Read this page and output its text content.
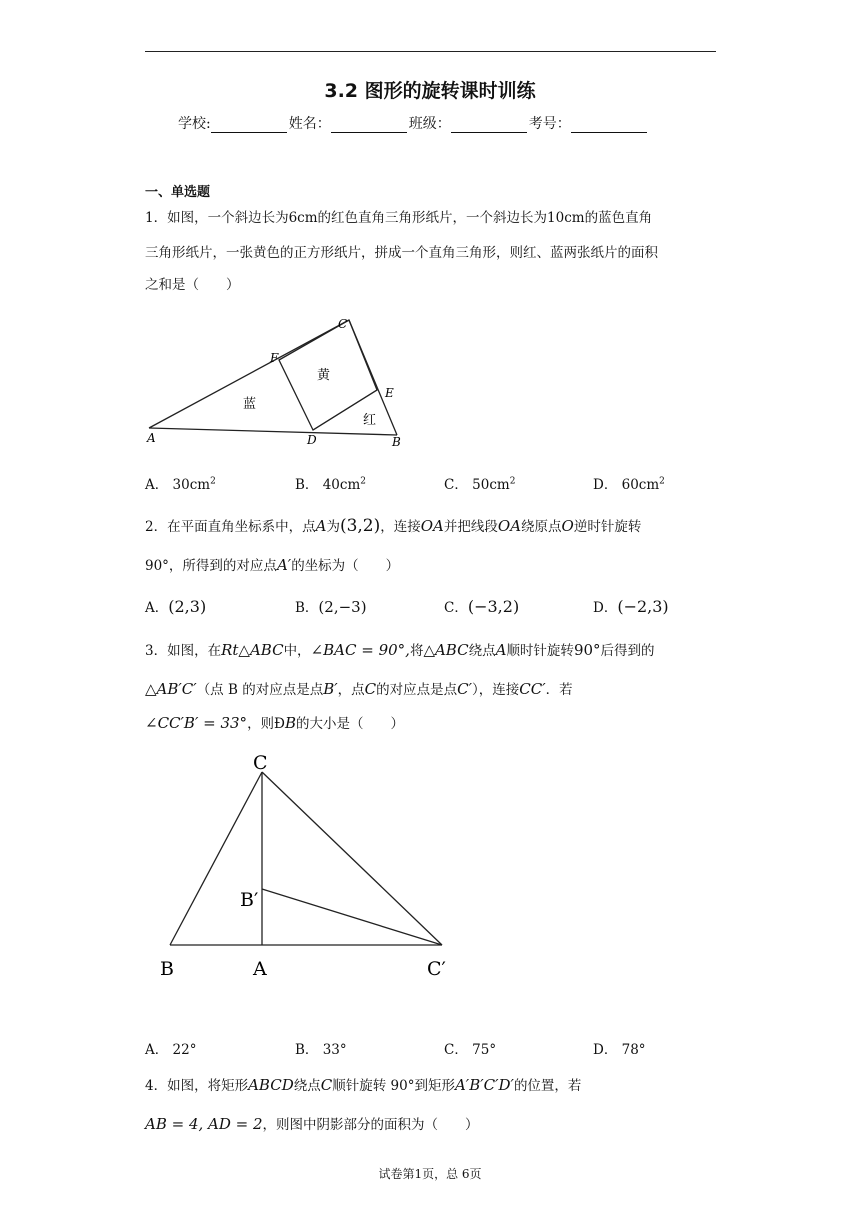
3.2 图形的旋转课时训练
学校:	姓名：	班级：	考号：
一、单选题
1．如图，一个斜边长为6cm的红色直角三角形纸片，一个斜边长为10cm的蓝色直角
三角形纸片，一张黄色的正方形纸片，拼成一个直角三角形，则红、蓝两张纸片的面积
之和是（　　）
A	B
C
D
E
F
黄
蓝
红
A． $30cm^2$	B． $40cm^2$	C． $50cm^2$	D． $60cm^2$
2．在平面直角坐标系中，点A为(3,2)，连接OA并把线段OA绕原点O逆时针旋转
90°，所得到的对应点A′的坐标为（　　）
A．(2,3)	B．(2,−3)	C．(−3,2)	D．(−2,3)
3．如图，在Rt△ABC中，∠BAC = 90°,将△ABC绕点A顺时针旋转90°后得到的
△AB′C′（点 B 的对应点是点B′，点C的对应点是点C′），连接CC′．若
∠CC′B′ = 33°，则ÐB的大小是（　　）
C
B′
B	A	C′
A． 22°	B． 33°	C． 75°	D． 78°
4．如图，将矩形ABCD绕点C顺针旋转 90°到矩形A′B′C′D′的位置，若
AB = 4, AD = 2，则图中阴影部分的面积为（　　）
试卷第1页，总 6页
